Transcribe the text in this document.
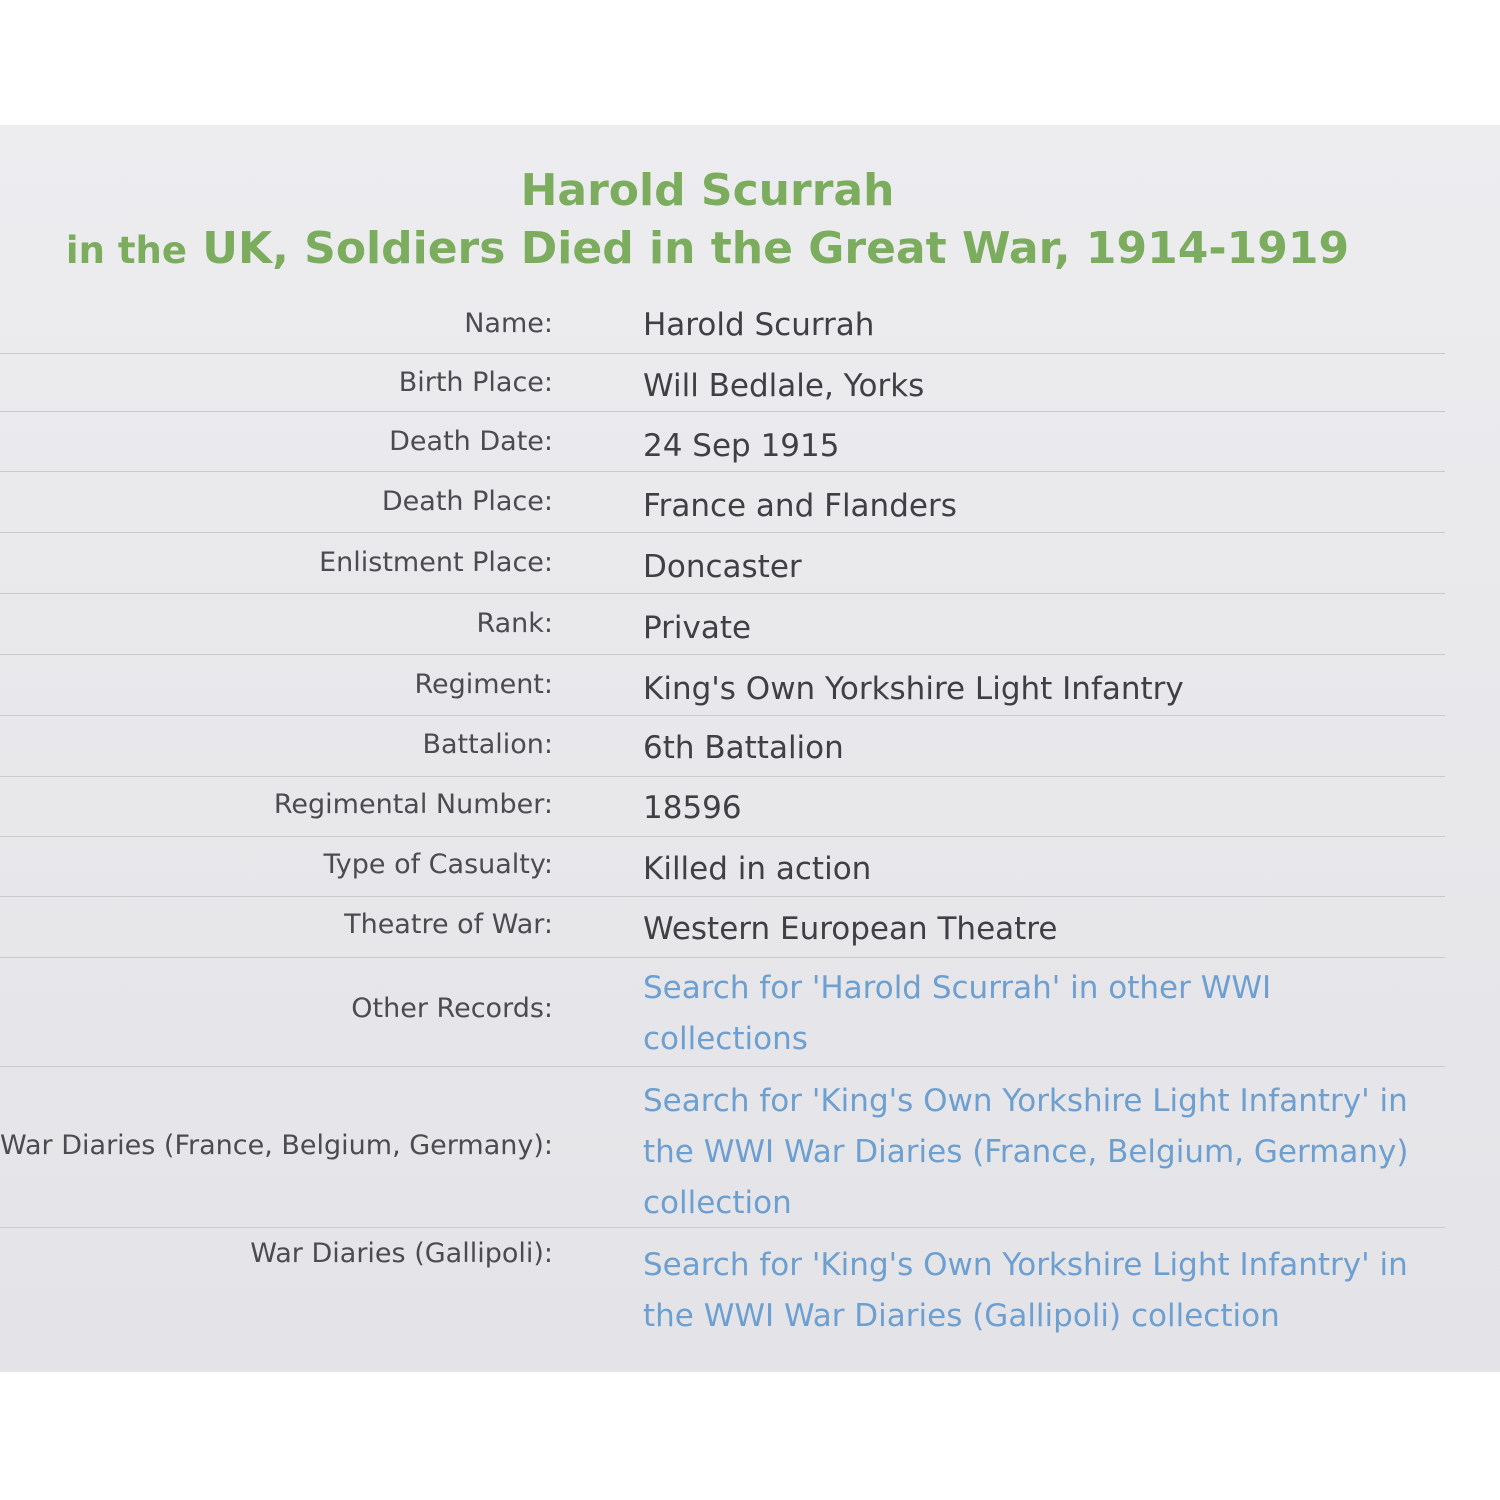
Harold Scurrah
in the UK, Soldiers Died in the Great War, 1914-1919
Name:	Harold Scurrah
Birth Place:	Will Bedlale, Yorks
Death Date:	24 Sep 1915
Death Place:	France and Flanders
Enlistment Place:	Doncaster
Rank:	Private
Regiment:	King's Own Yorkshire Light Infantry
Battalion:	6th Battalion
Regimental Number:	18596
Type of Casualty:	Killed in action
Theatre of War:	Western European Theatre
Other Records:
Search for 'Harold Scurrah' in other WWI collections
War Diaries (France, Belgium, Germany):
Search for 'King's Own Yorkshire Light Infantry' in the WWI War Diaries (France, Belgium, Germany) collection
War Diaries (Gallipoli):	Search for 'King's Own Yorkshire Light Infantry' in the WWI War Diaries (Gallipoli) collection
